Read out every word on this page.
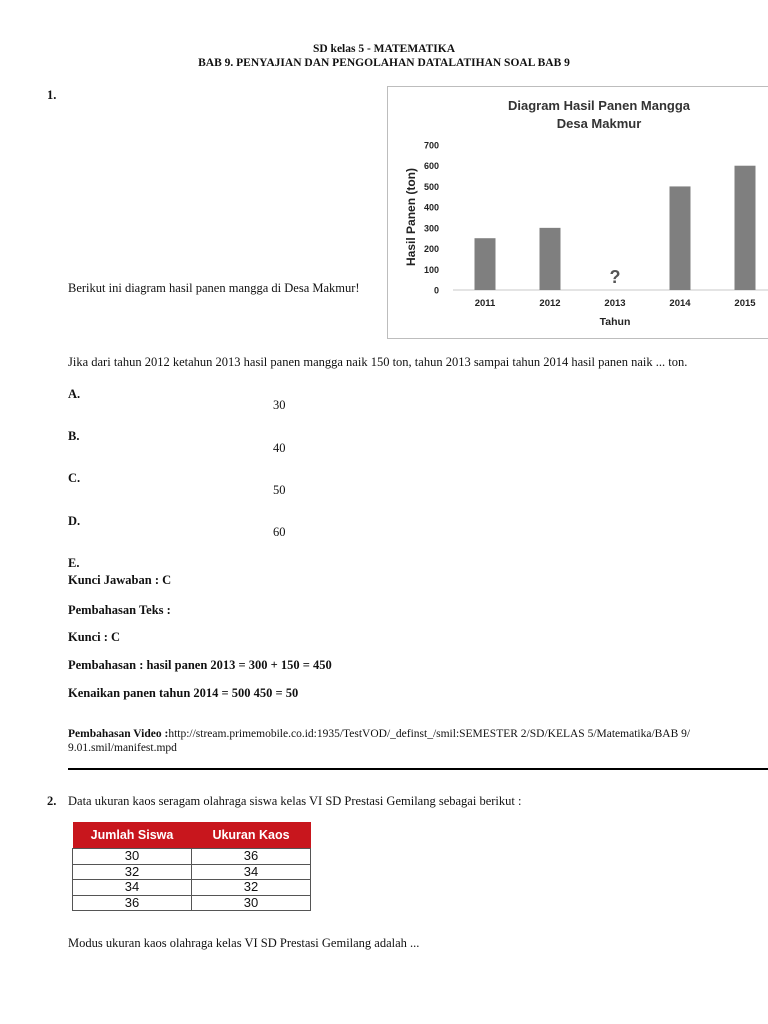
SD kelas 5 - MATEMATIKA
BAB 9. PENYAJIAN DAN PENGOLAHAN DATALATIHAN SOAL BAB 9
1.
Berikut ini diagram hasil panen mangga di Desa Makmur!
Diagram Hasil Panen Mangga
Desa Makmur
0
100
200
300
400
500
600
700
Hasil Panen (ton)
2011	2012
?
2013	2014	2015
Tahun
Jika dari tahun 2012 ketahun 2013 hasil panen mangga naik 150 ton, tahun 2013 sampai tahun 2014 hasil panen naik ... ton.
A.
30
B.
40
C.
50
D.
60
E.
Kunci Jawaban : C
Pembahasan Teks :
Kunci : C
Pembahasan : hasil panen 2013 = 300 + 150 = 450
Kenaikan panen tahun 2014 = 500 450 = 50
Pembahasan Video :http://stream.primemobile.co.id:1935/TestVOD/_definst_/smil:SEMESTER 2/SD/KELAS 5/Matematika/BAB 9/
9.01.smil/manifest.mpd
2. Data ukuran kaos seragam olahraga siswa kelas VI SD Prestasi Gemilang sebagai berikut :
Jumlah Siswa	Ukuran Kaos
30	36
32	34
34	32
36	30
Modus ukuran kaos olahraga kelas VI SD Prestasi Gemilang adalah ...
